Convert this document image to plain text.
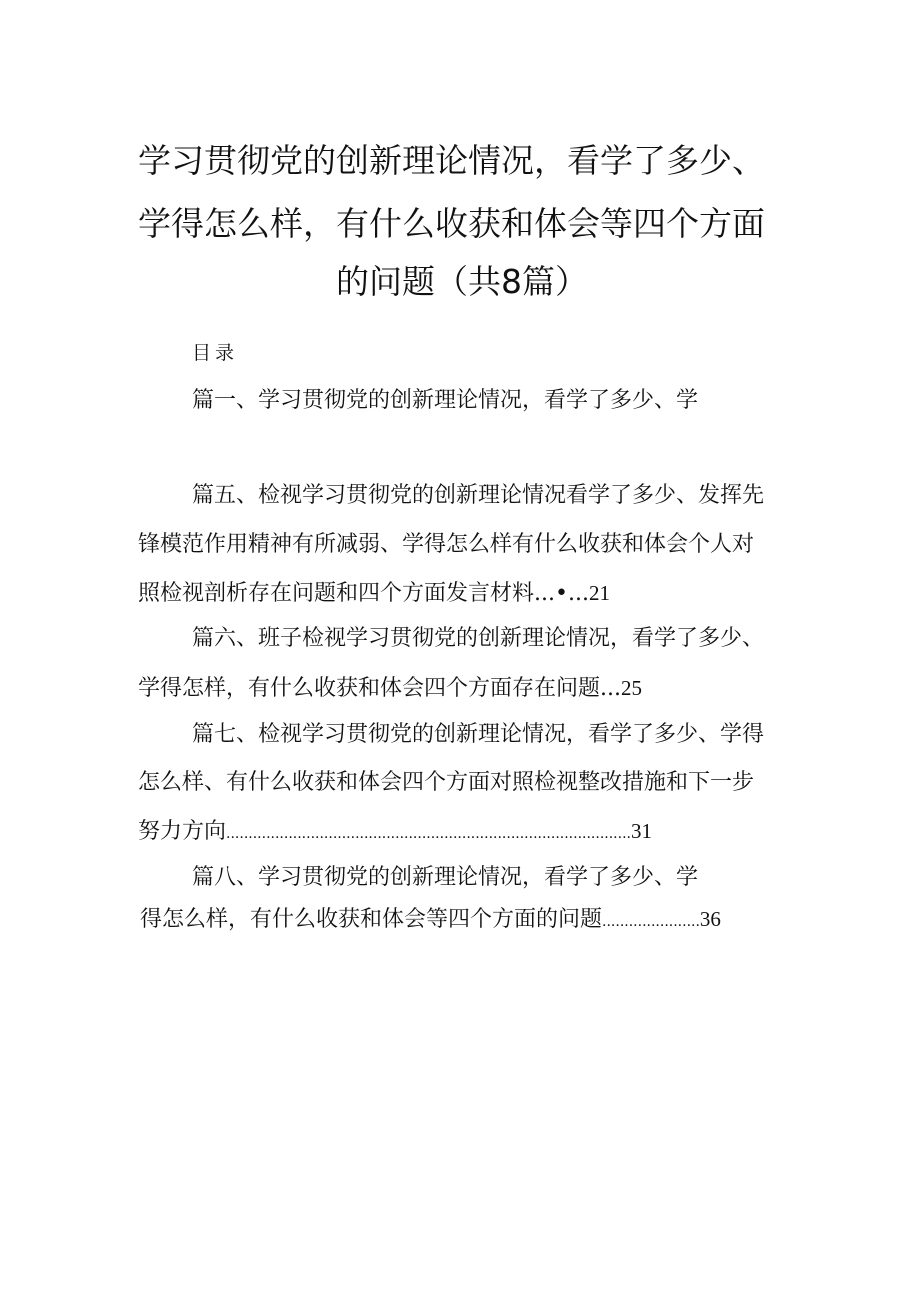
学习贯彻党的创新理论情况，看学了多少、
学得怎么样，有什么收获和体会等四个方面
的问题（共8篇）
目录
篇一、学习贯彻党的创新理论情况，看学了多少、学
篇五、检视学习贯彻党的创新理论情况看学了多少、发挥先
锋模范作用精神有所减弱、学得怎么样有什么收获和体会个人对
照检视剖析存在问题和四个方面发言材料...•...21
篇六、班子检视学习贯彻党的创新理论情况，看学了多少、
学得怎样，有什么收获和体会四个方面存在问题...25
篇七、检视学习贯彻党的创新理论情况，看学了多少、学得
怎么样、有什么收获和体会四个方面对照检视整改措施和下一步
努力方向...........................................................................................31
篇八、学习贯彻党的创新理论情况，看学了多少、学
得怎么样，有什么收获和体会等四个方面的问题......................36
